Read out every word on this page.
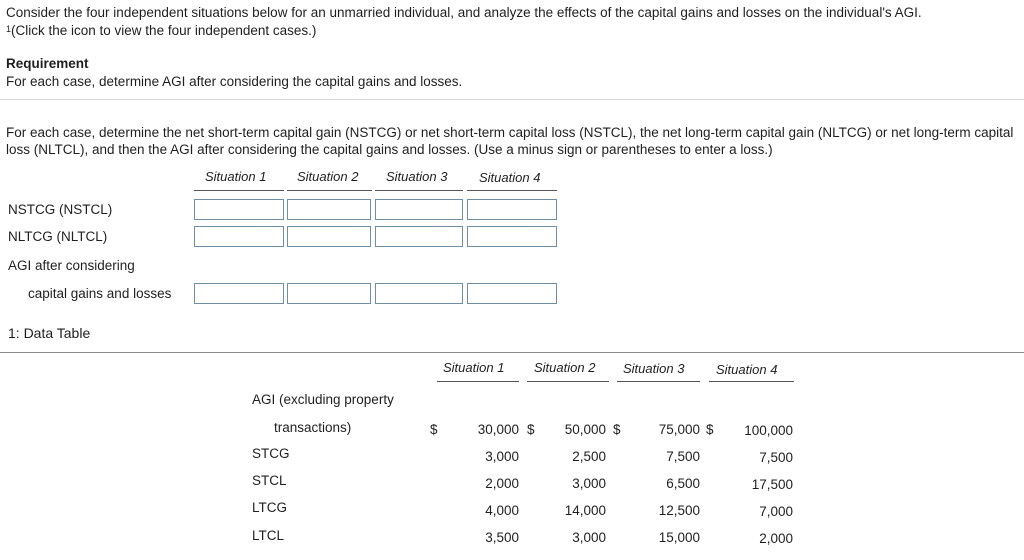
Consider the four independent situations below for an unmarried individual, and analyze the effects of the capital gains and losses on the individual's AGI.
$^1$(Click the icon to view the four independent cases.)
Requirement
For each case, determine AGI after considering the capital gains and losses.
For each case, determine the net short-term capital gain (NSTCG) or net short-term capital loss (NSTCL), the net long-term capital gain (NLTCG) or net long-term capital loss (NLTCL), and then the AGI after considering the capital gains and losses. (Use a minus sign or parentheses to enter a loss.)
Situation 1 Situation 2 Situation 3 Situation 4
NSTCG (NSTCL)
NLTCG (NLTCL)
AGI after considering
capital gains and losses
1: Data Table
Situation 1 Situation 2 Situation 3 Situation 4
AGI (excluding property
transactions)	$	30,000 $	50,000 $	75,000 $	100,000
STCG	3,000	2,500	7,500	7,500
STCL	2,000	3,000	6,500	17,500
LTCG	4,000	14,000	12,500	7,000
LTCL	3,500	3,000	15,000	2,000
